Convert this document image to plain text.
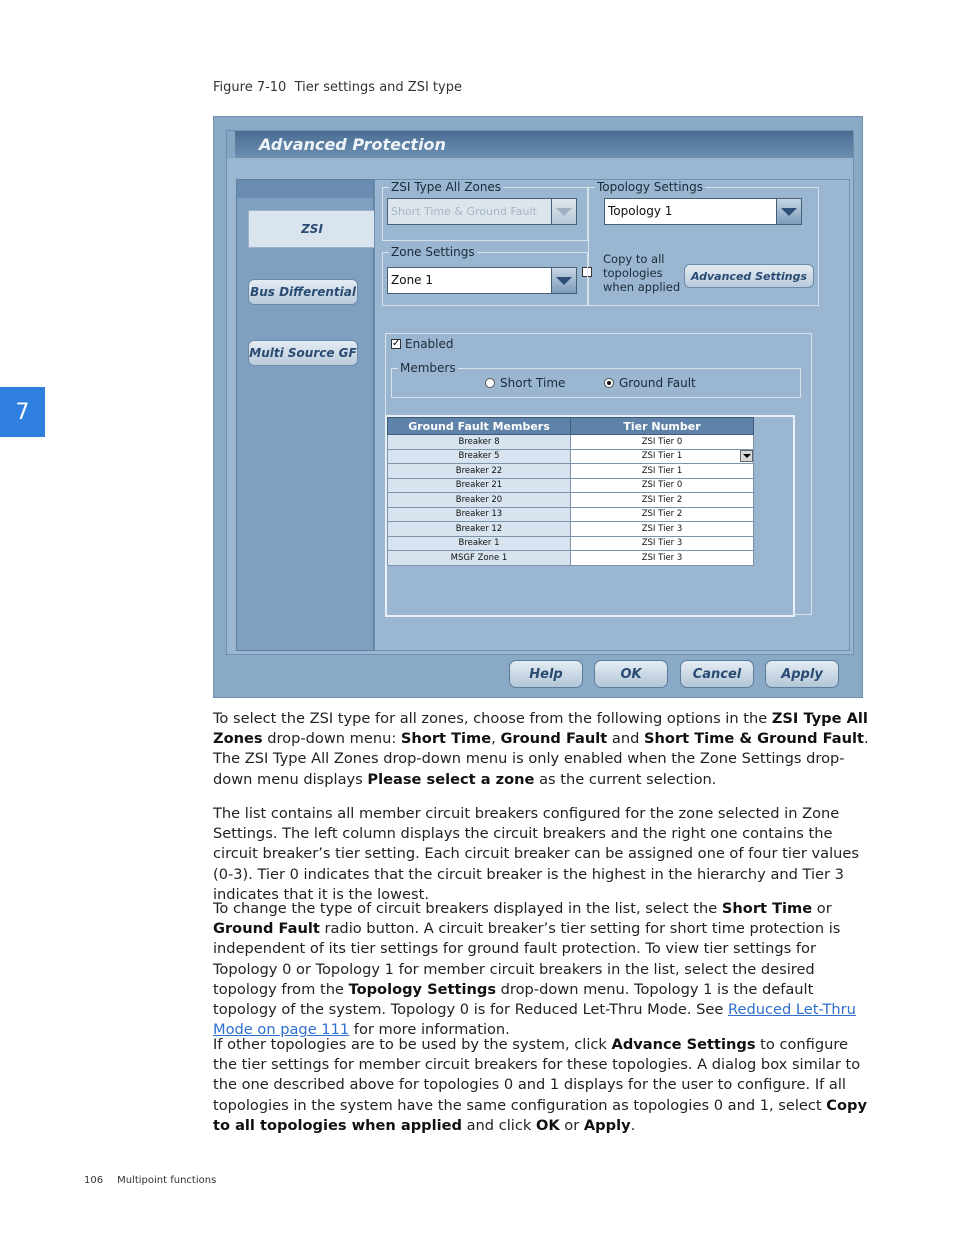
7
Figure 7-10 Tier settings and ZSI type
Advanced Protection
ZSI
Bus Differential
Multi Source GF
ZSI Type All Zones
Short Time & Ground Fault
Topology Settings
Topology 1
Copy to all
topologies
when applied
Advanced Settings
Zone Settings
Zone 1
✓ Enabled
Members
Short Time	Ground Fault
Ground Fault Members	Tier Number
Breaker 8	ZSI Tier 0
Breaker 5	ZSI Tier 1

Breaker 22	ZSI Tier 1
Breaker 21	ZSI Tier 0
Breaker 20	ZSI Tier 2
Breaker 13	ZSI Tier 2
Breaker 12	ZSI Tier 3
Breaker 1	ZSI Tier 3
MSGF Zone 1	ZSI Tier 3
Help	OK	Cancel	Apply
To select the ZSI type for all zones, choose from the following options in the ZSI Type All Zones drop-down menu: Short Time, Ground Fault and Short Time & Ground Fault. The ZSI Type All Zones drop-down menu is only enabled when the Zone Settings drop-down menu displays Please select a zone as the current selection.
The list contains all member circuit breakers configured for the zone selected in Zone Settings. The left column displays the circuit breakers and the right one contains the circuit breaker’s tier setting. Each circuit breaker can be assigned one of four tier values (0-3). Tier 0 indicates that the circuit breaker is the highest in the hierarchy and Tier 3 indicates that it is the lowest.
To change the type of circuit breakers displayed in the list, select the Short Time or Ground Fault radio button. A circuit breaker’s tier setting for short time protection is independent of its tier settings for ground fault protection. To view tier settings for Topology 0 or Topology 1 for member circuit breakers in the list, select the desired topology from the Topology Settings drop-down menu. Topology 1 is the default topology of the system. Topology 0 is for Reduced Let-Thru Mode. See Reduced Let-Thru Mode on page 111 for more information.
If other topologies are to be used by the system, click Advance Settings to configure the tier settings for member circuit breakers for these topologies. A dialog box similar to the one described above for topologies 0 and 1 displays for the user to configure. If all topologies in the system have the same configuration as topologies 0 and 1, select Copy to all topologies when applied and click OK or Apply.
106 Multipoint functions
